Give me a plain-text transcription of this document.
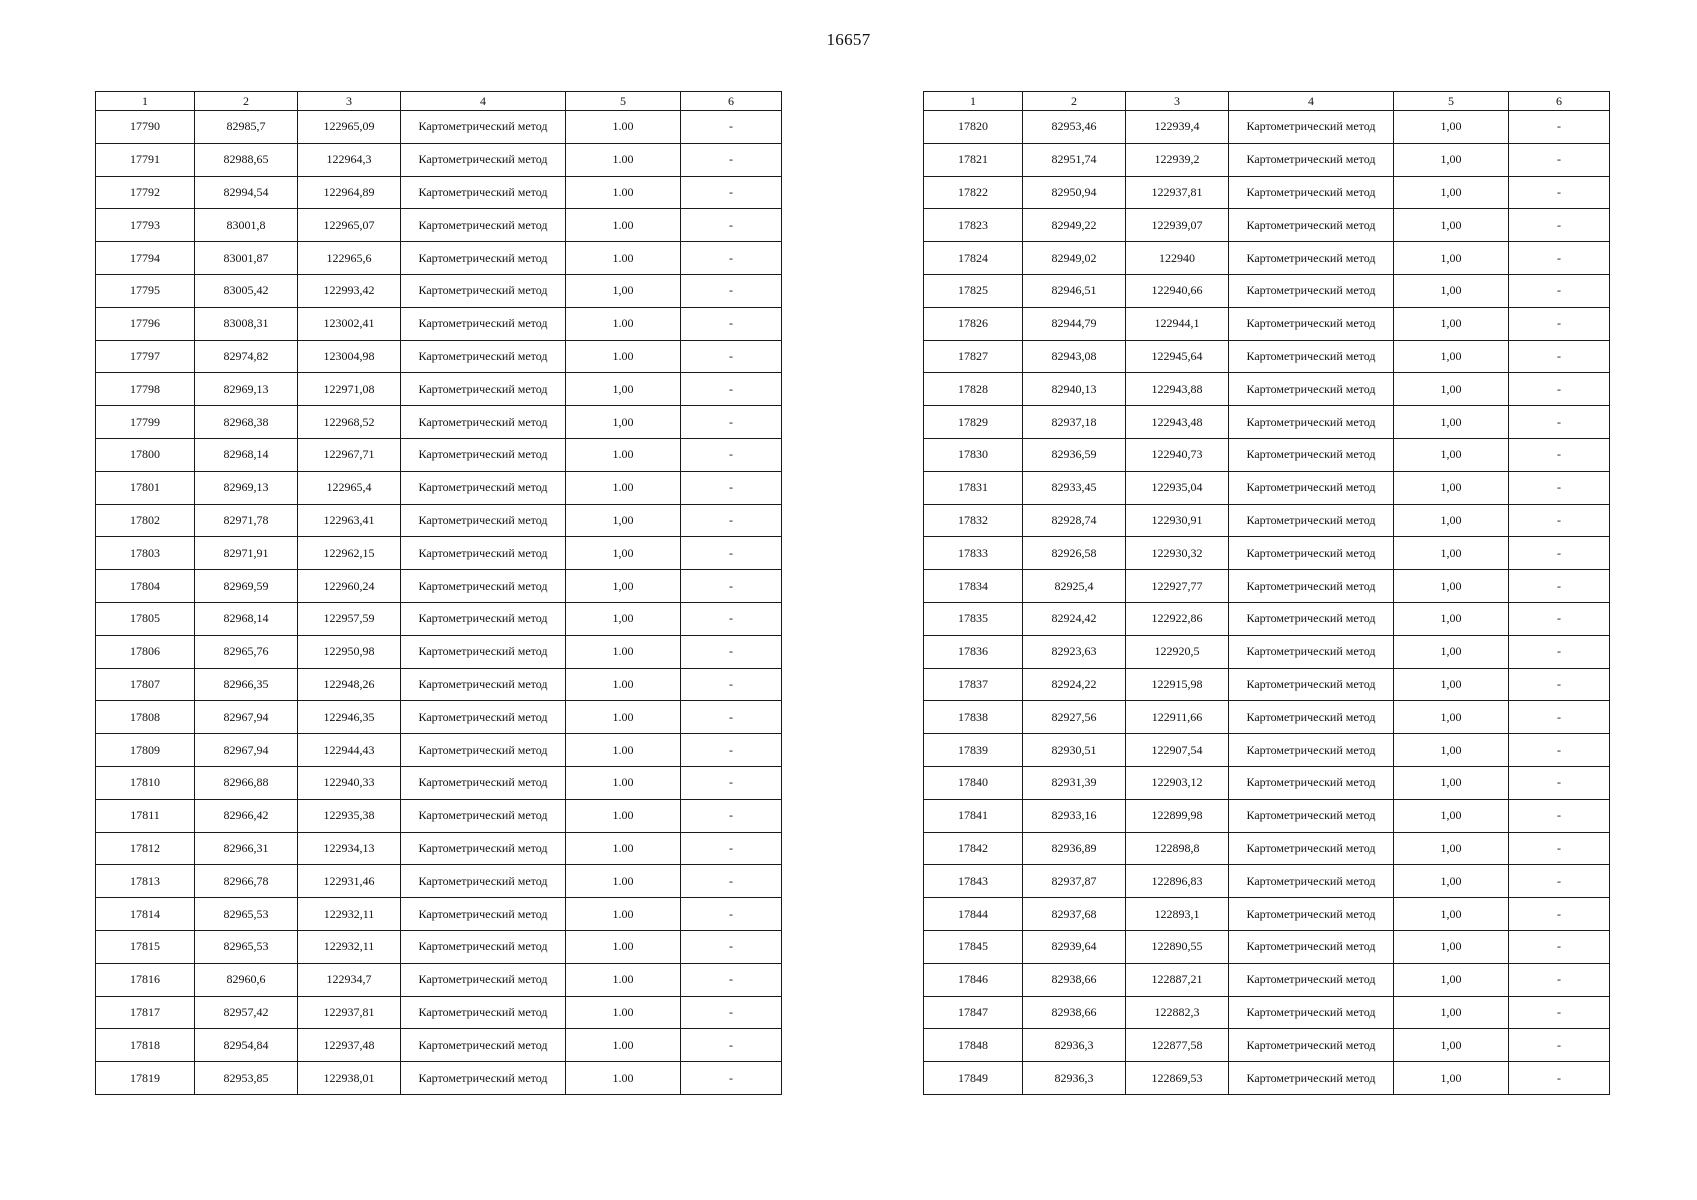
16657
1	2	3	4	5	6
17790	82985,7	122965,09	Картометрический метод	1.00	-
17791	82988,65	122964,3	Картометрический метод	1.00	-
17792	82994,54	122964,89	Картометрический метод	1.00	-
17793	83001,8	122965,07	Картометрический метод	1.00	-
17794	83001,87	122965,6	Картометрический метод	1.00	-
17795	83005,42	122993,42	Картометрический метод	1,00	-
17796	83008,31	123002,41	Картометрический метод	1.00	-
17797	82974,82	123004,98	Картометрический метод	1.00	-
17798	82969,13	122971,08	Картометрический метод	1,00	-
17799	82968,38	122968,52	Картометрический метод	1,00	-
17800	82968,14	122967,71	Картометрический метод	1.00	-
17801	82969,13	122965,4	Картометрический метод	1.00	-
17802	82971,78	122963,41	Картометрический метод	1,00	-
17803	82971,91	122962,15	Картометрический метод	1,00	-
17804	82969,59	122960,24	Картометрический метод	1,00	-
17805	82968,14	122957,59	Картометрический метод	1,00	-
17806	82965,76	122950,98	Картометрический метод	1.00	-
17807	82966,35	122948,26	Картометрический метод	1.00	-
17808	82967,94	122946,35	Картометрический метод	1.00	-
17809	82967,94	122944,43	Картометрический метод	1.00	-
17810	82966,88	122940,33	Картометрический метод	1.00	-
17811	82966,42	122935,38	Картометрический метод	1.00	-
17812	82966,31	122934,13	Картометрический метод	1.00	-
17813	82966,78	122931,46	Картометрический метод	1.00	-
17814	82965,53	122932,11	Картометрический метод	1.00	-
17815	82965,53	122932,11	Картометрический метод	1.00	-
17816	82960,6	122934,7	Картометрический метод	1.00	-
17817	82957,42	122937,81	Картометрический метод	1.00	-
17818	82954,84	122937,48	Картометрический метод	1.00	-
17819	82953,85	122938,01	Картометрический метод	1.00	-
1	2	3	4	5	6
17820	82953,46	122939,4	Картометрический метод	1,00	-
17821	82951,74	122939,2	Картометрический метод	1,00	-
17822	82950,94	122937,81	Картометрический метод	1,00	-
17823	82949,22	122939,07	Картометрический метод	1,00	-
17824	82949,02	122940	Картометрический метод	1,00	-
17825	82946,51	122940,66	Картометрический метод	1,00	-
17826	82944,79	122944,1	Картометрический метод	1,00	-
17827	82943,08	122945,64	Картометрический метод	1,00	-
17828	82940,13	122943,88	Картометрический метод	1,00	-
17829	82937,18	122943,48	Картометрический метод	1,00	-
17830	82936,59	122940,73	Картометрический метод	1,00	-
17831	82933,45	122935,04	Картометрический метод	1,00	-
17832	82928,74	122930,91	Картометрический метод	1,00	-
17833	82926,58	122930,32	Картометрический метод	1,00	-
17834	82925,4	122927,77	Картометрический метод	1,00	-
17835	82924,42	122922,86	Картометрический метод	1,00	-
17836	82923,63	122920,5	Картометрический метод	1,00	-
17837	82924,22	122915,98	Картометрический метод	1,00	-
17838	82927,56	122911,66	Картометрический метод	1,00	-
17839	82930,51	122907,54	Картометрический метод	1,00	-
17840	82931,39	122903,12	Картометрический метод	1,00	-
17841	82933,16	122899,98	Картометрический метод	1,00	-
17842	82936,89	122898,8	Картометрический метод	1,00	-
17843	82937,87	122896,83	Картометрический метод	1,00	-
17844	82937,68	122893,1	Картометрический метод	1,00	-
17845	82939,64	122890,55	Картометрический метод	1,00	-
17846	82938,66	122887,21	Картометрический метод	1,00	-
17847	82938,66	122882,3	Картометрический метод	1,00	-
17848	82936,3	122877,58	Картометрический метод	1,00	-
17849	82936,3	122869,53	Картометрический метод	1,00	-
